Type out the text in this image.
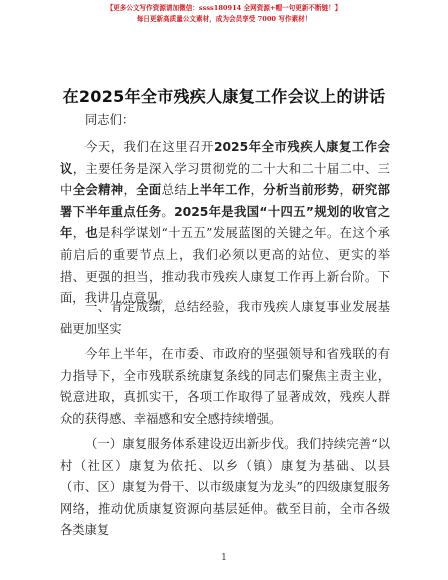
【更多公文写作资源请加微信：ssss180914 全网资源+帽一句更新不断链！】
每日更新高质量公文素材，成为会员享受 7000 写作素材！
在2025年全市残疾人康复工作会议上的讲话
同志们：

今天，我们在这里召开2025年全市残疾人康复工作会议，主要任务是深入学习贯彻党的二十大和二十届二中、三中全会精神，全面总结上半年工作，分析当前形势，研究部署下半年重点任务。2025年是我国“十四五”规划的收官之年，也是科学谋划“十五五”发展蓝图的关键之年。在这个承前启后的重要节点上，我们必须以更高的站位、更实的举措、更强的担当，推动我市残疾人康复工作再上新台阶。下面，我讲几点意见。

一、肯定成绩，总结经验，我市残疾人康复事业发展基础更加坚实

今年上半年，在市委、市政府的坚强领导和省残联的有力指导下，全市残联系统康复条线的同志们聚焦主责主业，锐意进取，真抓实干，各项工作取得了显著成效，残疾人群众的获得感、幸福感和安全感持续增强。

（一）康复服务体系建设迈出新步伐。我们持续完善“以村（社区）康复为依托、以乡（镇）康复为基础、以县（市、区）康复为骨干、以市级康复为龙头”的四级康复服务网络，推动优质康复资源向基层延伸。截至目前，全市各级各类康复

1
